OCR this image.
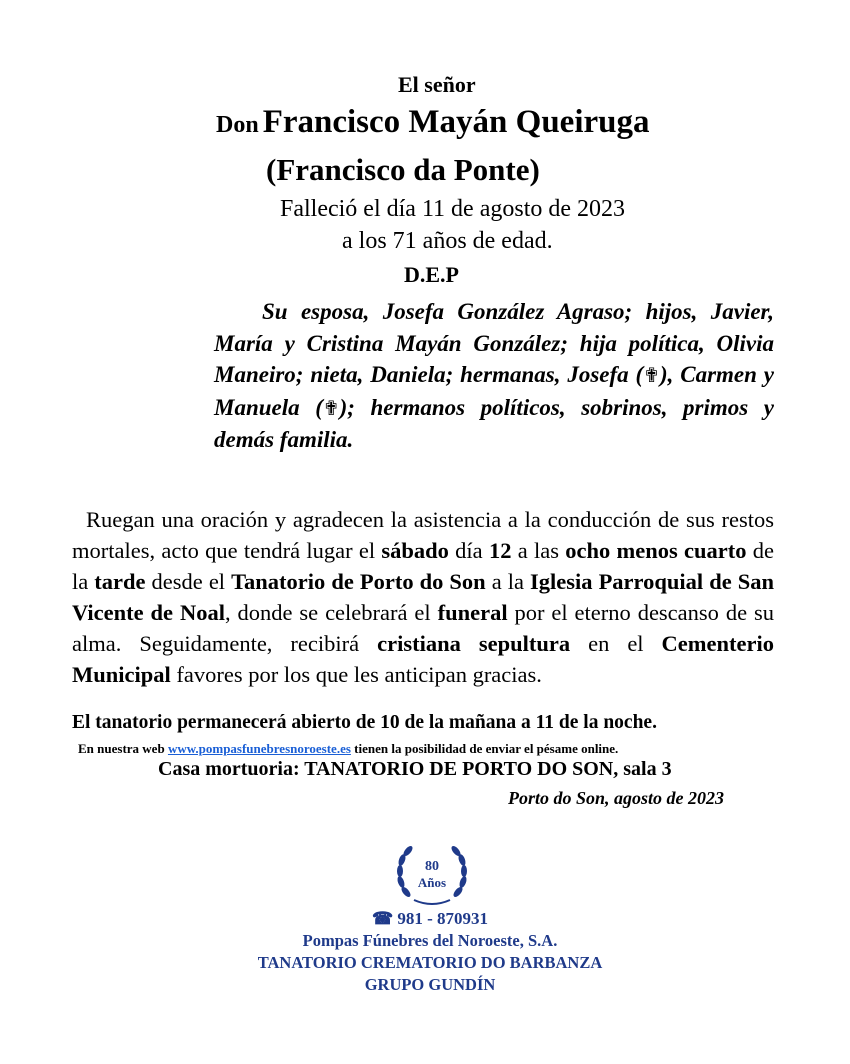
El señor
Don Francisco Mayán Queiruga
(Francisco da Ponte)
Falleció el día 11 de agosto de 2023
a los 71 años de edad.
D.E.P
Su esposa, Josefa González Agraso; hijos, Javier, María y Cristina Mayán González; hija política, Olivia Maneiro; nieta, Daniela; hermanas, Josefa (✟), Carmen y Manuela (✟); hermanos políticos, sobrinos, primos y demás familia.
Ruegan una oración y agradecen la asistencia a la conducción de sus restos mortales, acto que tendrá lugar el sábado día 12 a las ocho menos cuarto de la tarde desde el Tanatorio de Porto do Son a la Iglesia Parroquial de San Vicente de Noal, donde se celebrará el funeral por el eterno descanso de su alma. Seguidamente, recibirá cristiana sepultura en el Cementerio Municipal favores por los que les anticipan gracias.
El tanatorio permanecerá abierto de 10 de la mañana a 11 de la noche.
En nuestra web www.pompasfunebresnoroeste.es tienen la posibilidad de enviar el pésame online.
Casa mortuoria: TANATORIO DE PORTO DO SON, sala 3
Porto do Son, agosto de 2023
80
Años
☎ 981 - 870931
Pompas Fúnebres del Noroeste, S.A.
TANATORIO CREMATORIO DO BARBANZA
GRUPO GUNDÍN
